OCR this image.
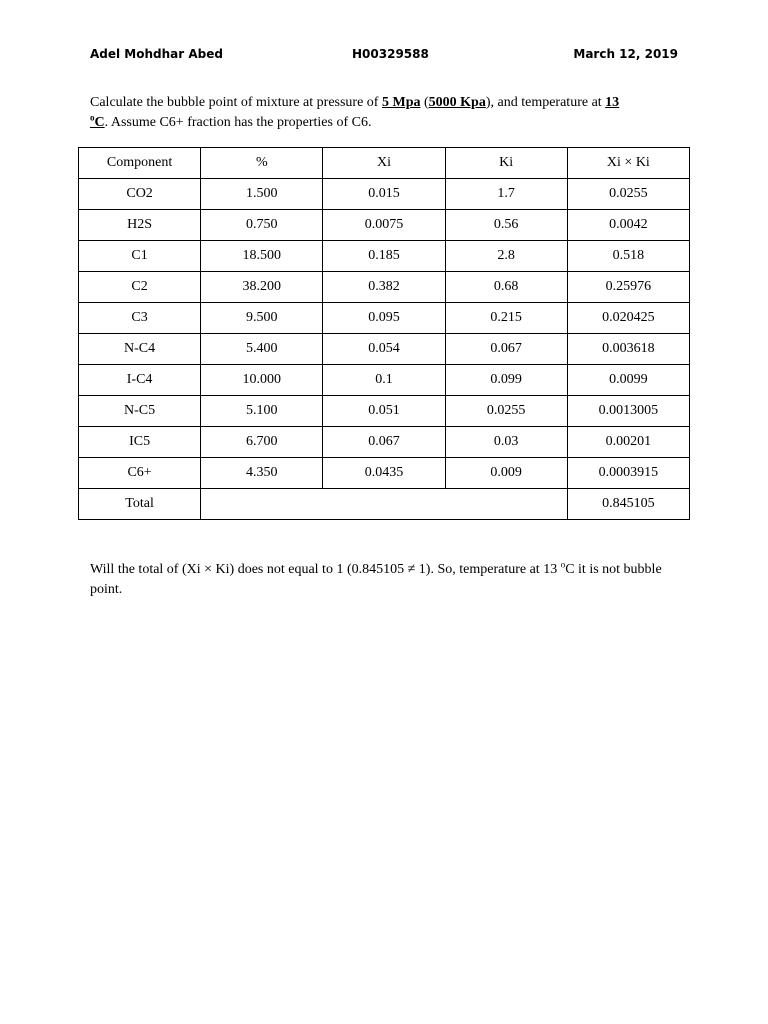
Adel Mohdhar Abed	H00329588	March 12, 2019
Calculate the bubble point of mixture at pressure of 5 Mpa (5000 Kpa), and temperature at 13
$^o$C. Assume C6+ fraction has the properties of C6.
Component	%	Xi	Ki	Xi × Ki
CO2	1.500	0.015	1.7	0.0255
H2S	0.750	0.0075	0.56	0.0042
C1	18.500	0.185	2.8	0.518
C2	38.200	0.382	0.68	0.25976
C3	9.500	0.095	0.215	0.020425
N-C4	5.400	0.054	0.067	0.003618
I-C4	10.000	0.1	0.099	0.0099
N-C5	5.100	0.051	0.0255	0.0013005
IC5	6.700	0.067	0.03	0.00201
C6+	4.350	0.0435	0.009	0.0003915
Total				0.845105
Will the total of (Xi × Ki) does not equal to 1 (0.845105 ≠ 1). So, temperature at 13 $^o$C it is not bubble point.
